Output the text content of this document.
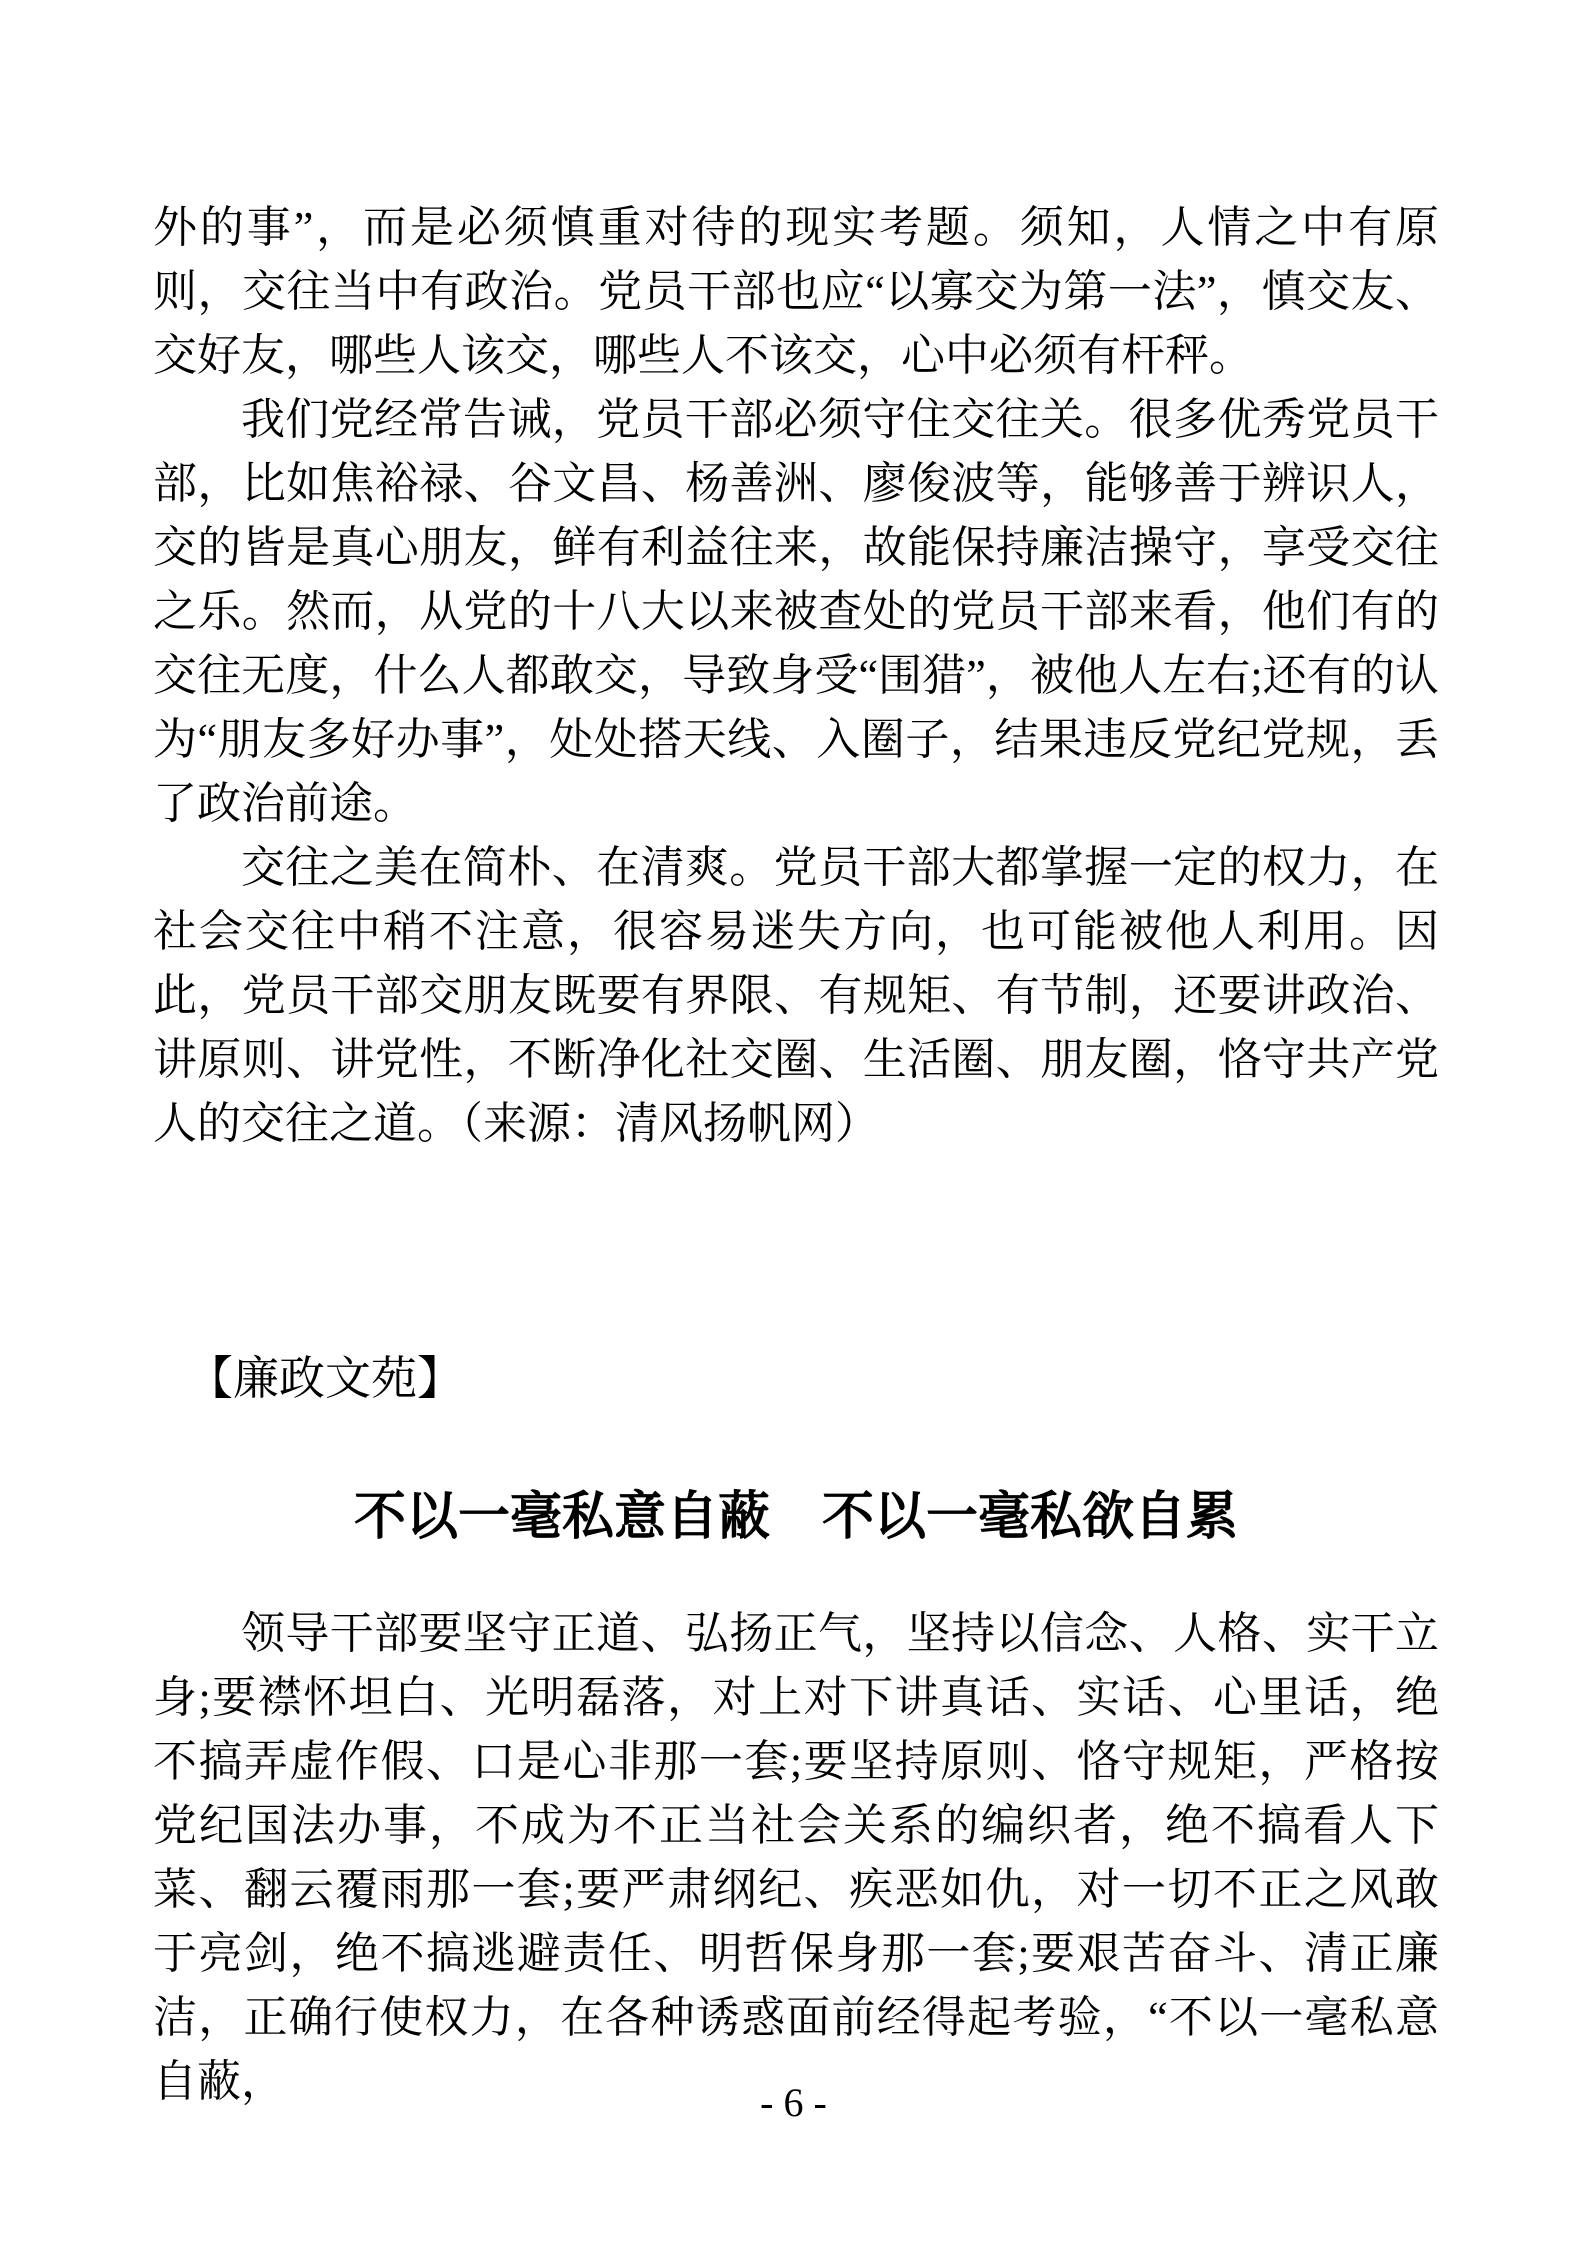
外的事”，而是必须慎重对待的现实考题。须知，人情之中有原则，交往当中有政治。党员干部也应“以寡交为第一法”，慎交友、交好友，哪些人该交，哪些人不该交，心中必须有杆秤。

我们党经常告诫，党员干部必须守住交往关。很多优秀党员干部，比如焦裕禄、谷文昌、杨善洲、廖俊波等，能够善于辨识人，交的皆是真心朋友，鲜有利益往来，故能保持廉洁操守，享受交往之乐。然而，从党的十八大以来被查处的党员干部来看，他们有的交往无度，什么人都敢交，导致身受“围猎”，被他人左右;还有的认为“朋友多好办事”，处处搭天线、入圈子，结果违反党纪党规，丢了政治前途。

交往之美在简朴、在清爽。党员干部大都掌握一定的权力，在社会交往中稍不注意，很容易迷失方向，也可能被他人利用。因此，党员干部交朋友既要有界限、有规矩、有节制，还要讲政治、讲原则、讲党性，不断净化社交圈、生活圈、朋友圈，恪守共产党人的交往之道。（来源：清风扬帆网）

【廉政文苑】
不以一毫私意自蔽　不以一毫私欲自累

领导干部要坚守正道、弘扬正气，坚持以信念、人格、实干立身;要襟怀坦白、光明磊落，对上对下讲真话、实话、心里话，绝不搞弄虚作假、口是心非那一套;要坚持原则、恪守规矩，严格按党纪国法办事，不成为不正当社会关系的编织者，绝不搞看人下菜、翻云覆雨那一套;要严肃纲纪、疾恶如仇，对一切不正之风敢于亮剑，绝不搞逃避责任、明哲保身那一套;要艰苦奋斗、清正廉洁，正确行使权力，在各种诱惑面前经得起考验，“不以一毫私意自蔽，	- 6 -
